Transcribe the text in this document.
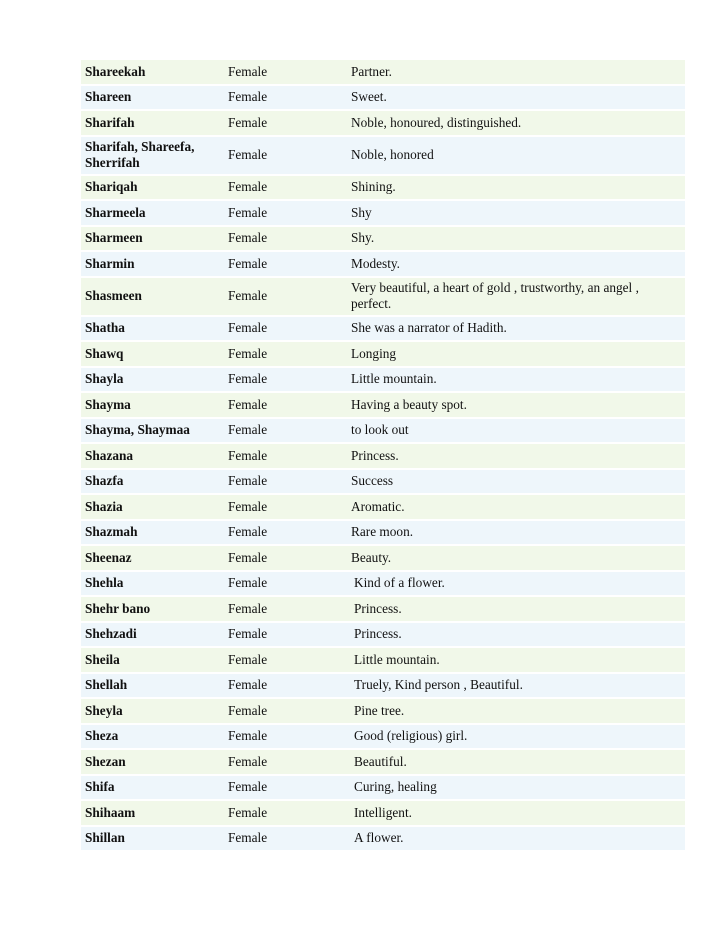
Shareekah	Female	Partner.
Shareen	Female	Sweet.
Sharifah	Female	Noble, honoured, distinguished.
Sharifah, Shareefa, Sherrifah	Female	Noble, honored
Shariqah	Female	Shining.
Sharmeela	Female	Shy
Sharmeen	Female	Shy.
Sharmin	Female	Modesty.
Shasmeen	Female	Very beautiful, a heart of gold , trustworthy, an angel , perfect.
Shatha	Female	She was a narrator of Hadith.
Shawq	Female	Longing
Shayla	Female	Little mountain.
Shayma	Female	Having a beauty spot.
Shayma, Shaymaa	Female	to look out
Shazana	Female	Princess.
Shazfa	Female	Success
Shazia	Female	Aromatic.
Shazmah	Female	Rare moon.
Sheenaz	Female	Beauty.
Shehla	Female	Kind of a flower.
Shehr bano	Female	Princess.
Shehzadi	Female	Princess.
Sheila	Female	Little mountain.
Shellah	Female	Truely, Kind person , Beautiful.
Sheyla	Female	Pine tree.
Sheza	Female	Good (religious) girl.
Shezan	Female	Beautiful.
Shifa	Female	Curing, healing
Shihaam	Female	Intelligent.
Shillan	Female	A flower.
